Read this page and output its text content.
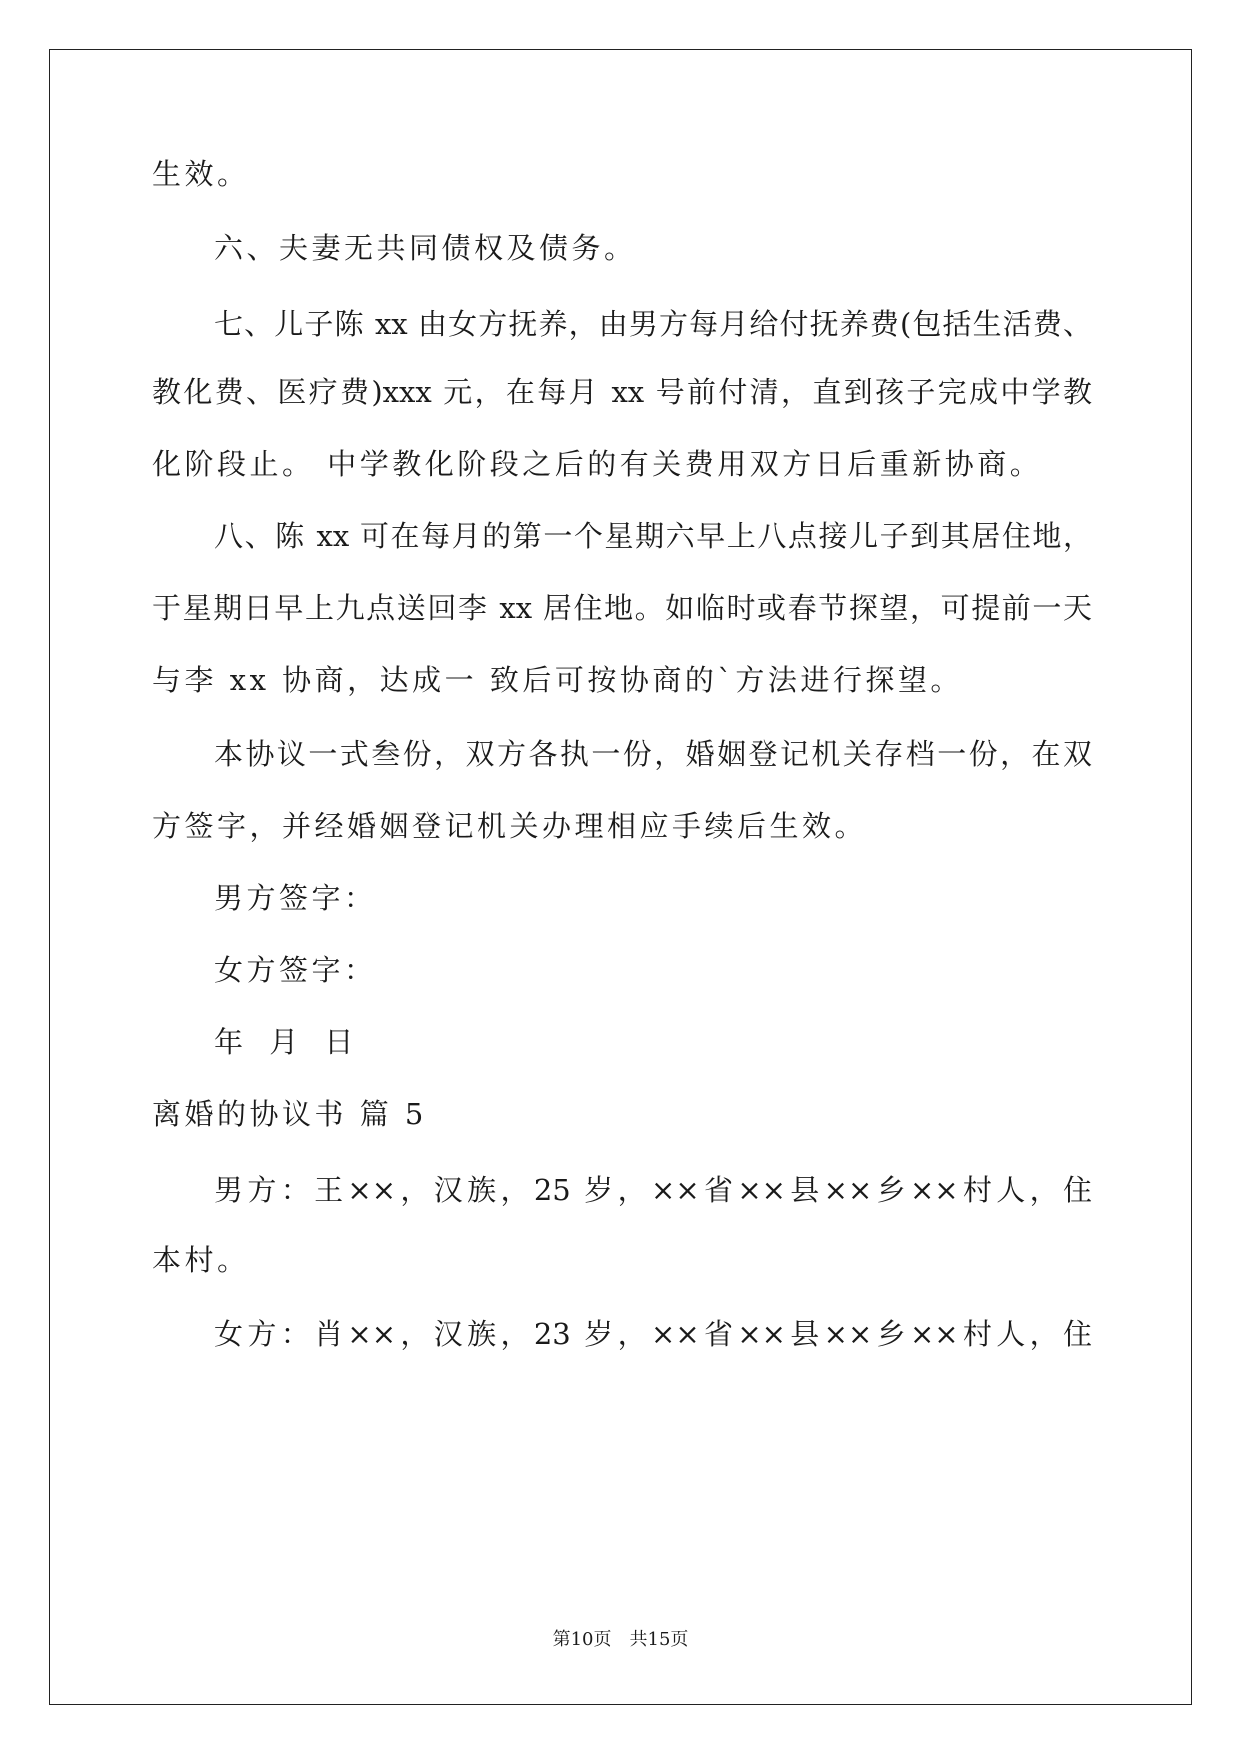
生效。
六、夫妻无共同债权及债务。
七、儿子陈 xx 由女方抚养，由男方每月给付抚养费(包括生活费、
教化费、医疗费)xxx 元，在每月 xx 号前付清，直到孩子完成中学教
化阶段止。 中学教化阶段之后的有关费用双方日后重新协商。
八、陈 xx 可在每月的第一个星期六早上八点接儿子到其居住地，
于星期日早上九点送回李 xx 居住地。如临时或春节探望，可提前一天
与李 xx 协商，达成一 致后可按协商的`方法进行探望。
本协议一式叁份，双方各执一份，婚姻登记机关存档一份，在双
方签字，并经婚姻登记机关办理相应手续后生效。
男方签字：
女方签字：
年 月 日
离婚的协议书 篇 5
男方：王××，汉族，25 岁，××省××县××乡××村人，住
本村。
女方：肖××，汉族，23 岁，××省××县××乡××村人，住
第10页　共15页
